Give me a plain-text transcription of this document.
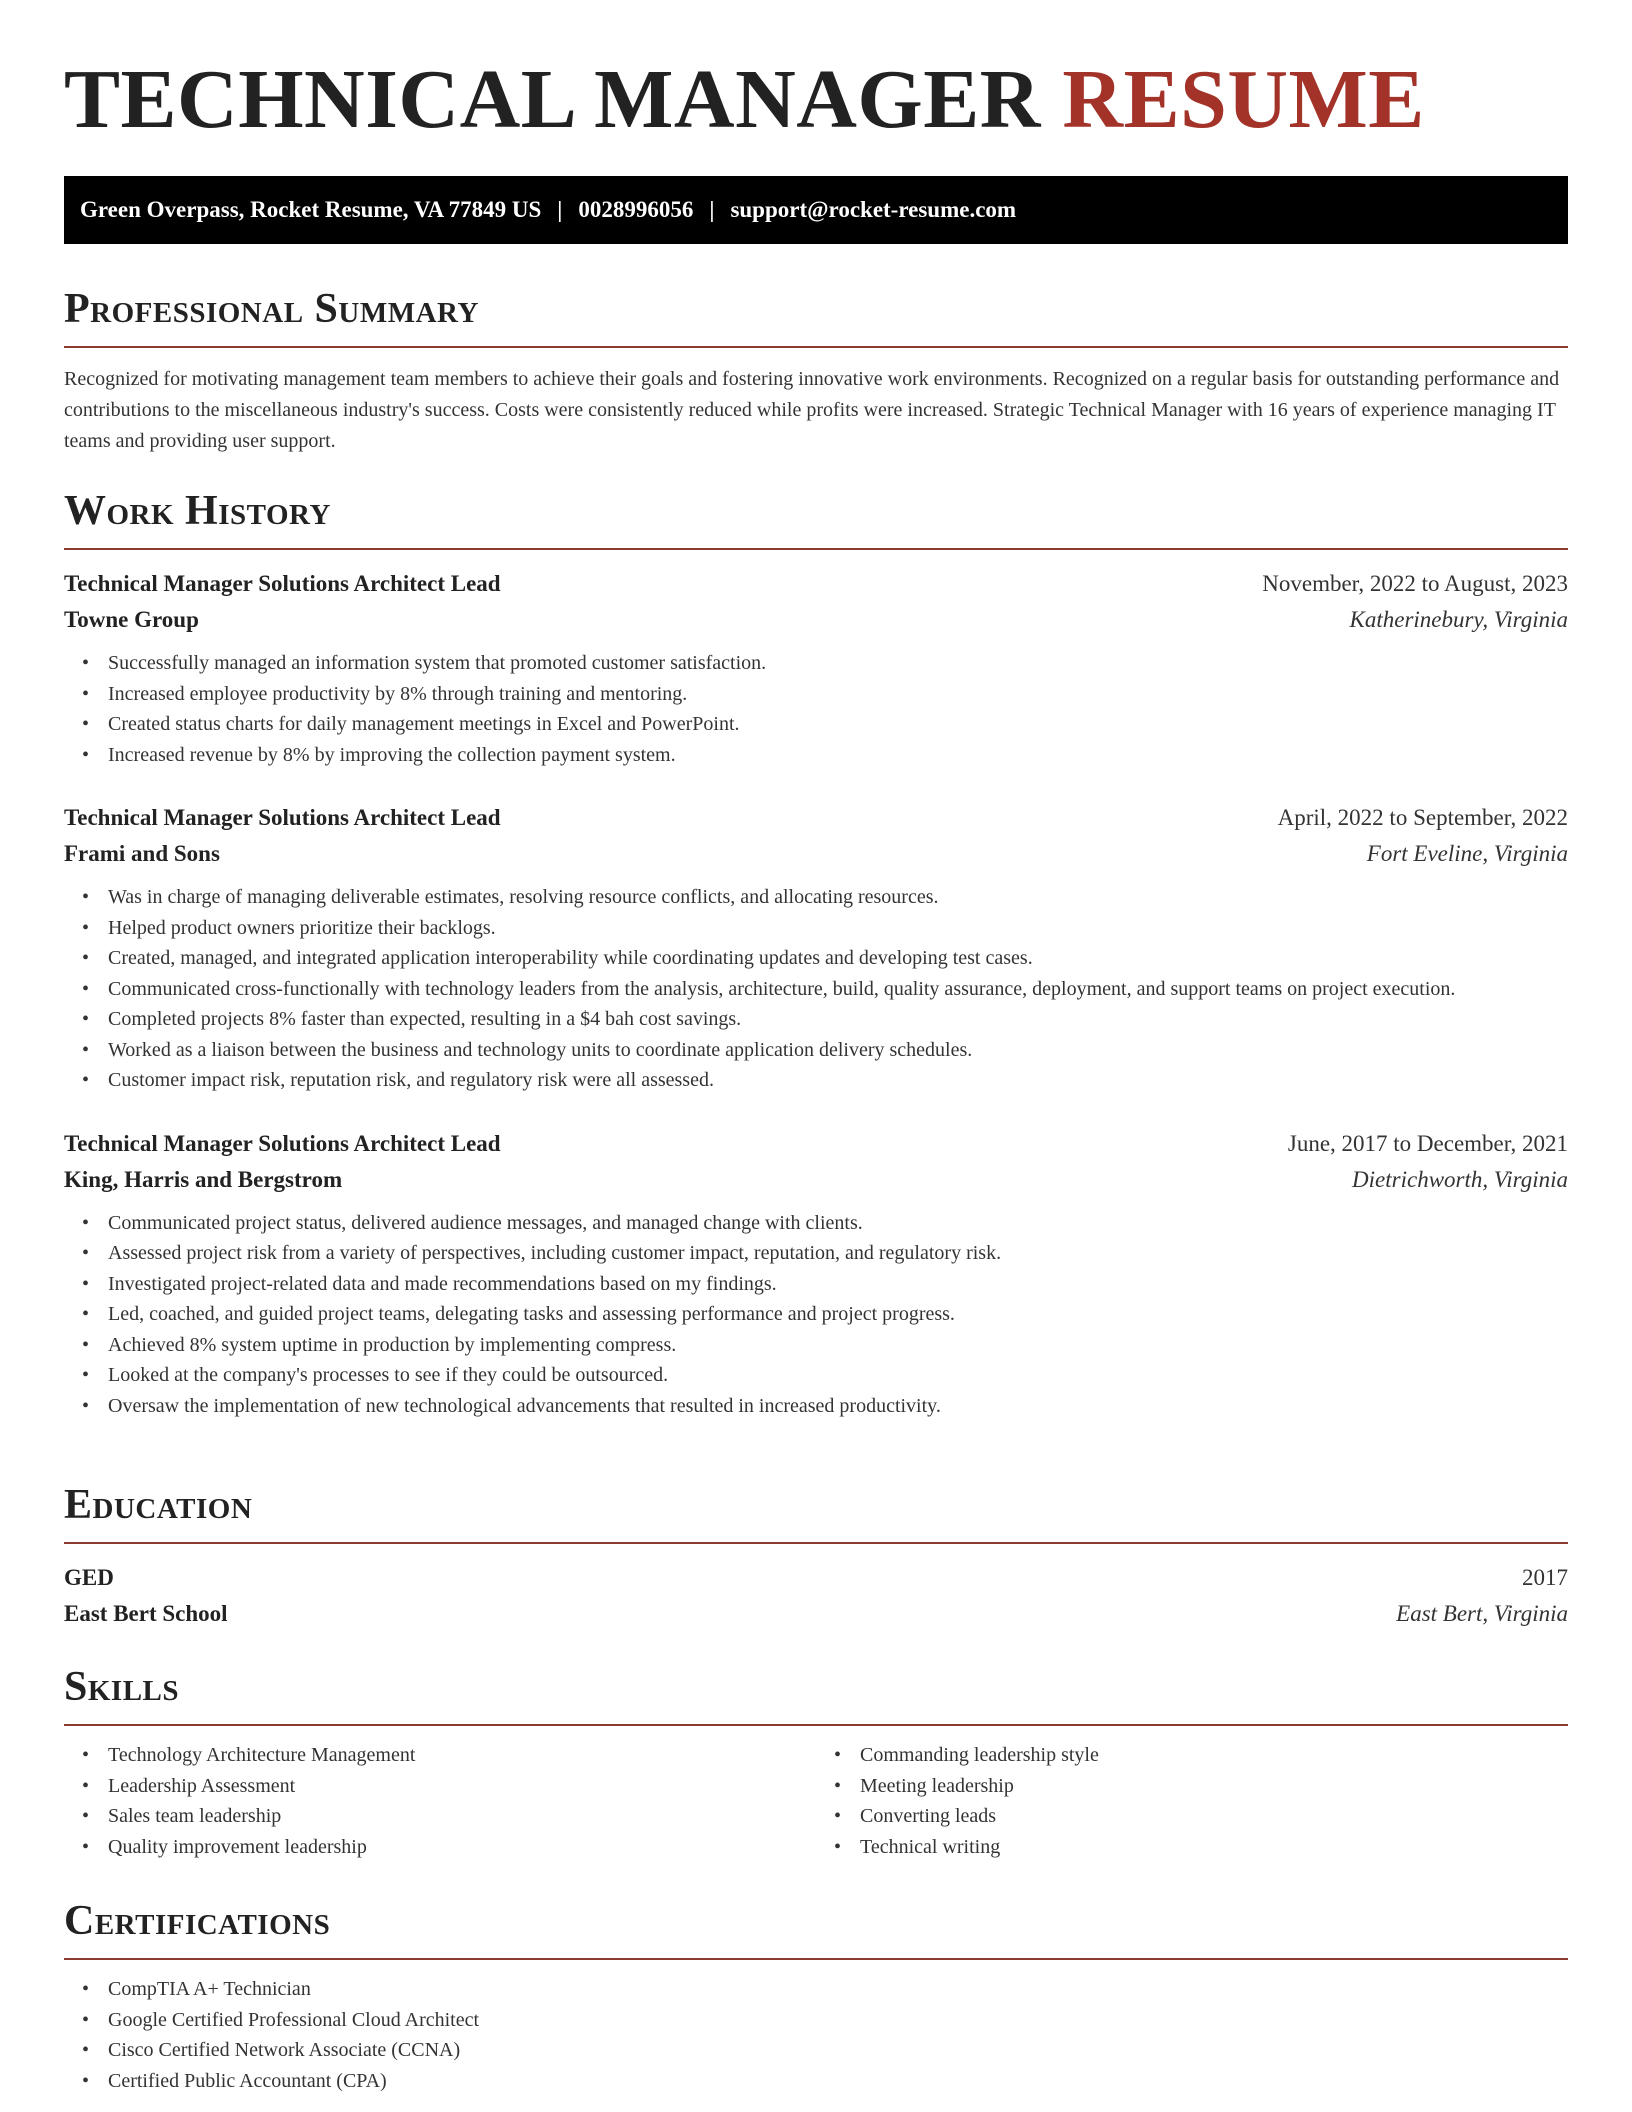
TECHNICAL MANAGER RESUME
Green Overpass, Rocket Resume, VA 77849 US | 0028996056 | support@rocket-resume.com
Professional Summary

Recognized for motivating management team members to achieve their goals and fostering innovative work environments. Recognized on a regular basis for outstanding performance and contributions to the miscellaneous industry's success. Costs were consistently reduced while profits were increased. Strategic Technical Manager with 16 years of experience managing IT teams and providing user support.

Work History
Technical Manager Solutions Architect Lead	November, 2022 to August, 2023
Towne Group	Katherinebury, Virginia
• Successfully managed an information system that promoted customer satisfaction.
• Increased employee productivity by 8% through training and mentoring.
• Created status charts for daily management meetings in Excel and PowerPoint.
• Increased revenue by 8% by improving the collection payment system.
Technical Manager Solutions Architect Lead	April, 2022 to September, 2022
Frami and Sons	Fort Eveline, Virginia
• Was in charge of managing deliverable estimates, resolving resource conflicts, and allocating resources.
• Helped product owners prioritize their backlogs.
• Created, managed, and integrated application interoperability while coordinating updates and developing test cases.
• Communicated cross-functionally with technology leaders from the analysis, architecture, build, quality assurance, deployment, and support teams on project execution.
• Completed projects 8% faster than expected, resulting in a $4 bah cost savings.
• Worked as a liaison between the business and technology units to coordinate application delivery schedules.
• Customer impact risk, reputation risk, and regulatory risk were all assessed.
Technical Manager Solutions Architect Lead	June, 2017 to December, 2021
King, Harris and Bergstrom	Dietrichworth, Virginia
• Communicated project status, delivered audience messages, and managed change with clients.
• Assessed project risk from a variety of perspectives, including customer impact, reputation, and regulatory risk.
• Investigated project-related data and made recommendations based on my findings.
• Led, coached, and guided project teams, delegating tasks and assessing performance and project progress.
• Achieved 8% system uptime in production by implementing compress.
• Looked at the company's processes to see if they could be outsourced.
• Oversaw the implementation of new technological advancements that resulted in increased productivity.
Education
GED	2017
East Bert School	East Bert, Virginia
Skills
• Technology Architecture Management
• Leadership Assessment
• Sales team leadership
• Quality improvement leadership
• Commanding leadership style
• Meeting leadership
• Converting leads
• Technical writing
Certifications
• CompTIA A+ Technician
• Google Certified Professional Cloud Architect
• Cisco Certified Network Associate (CCNA)
• Certified Public Accountant (CPA)
